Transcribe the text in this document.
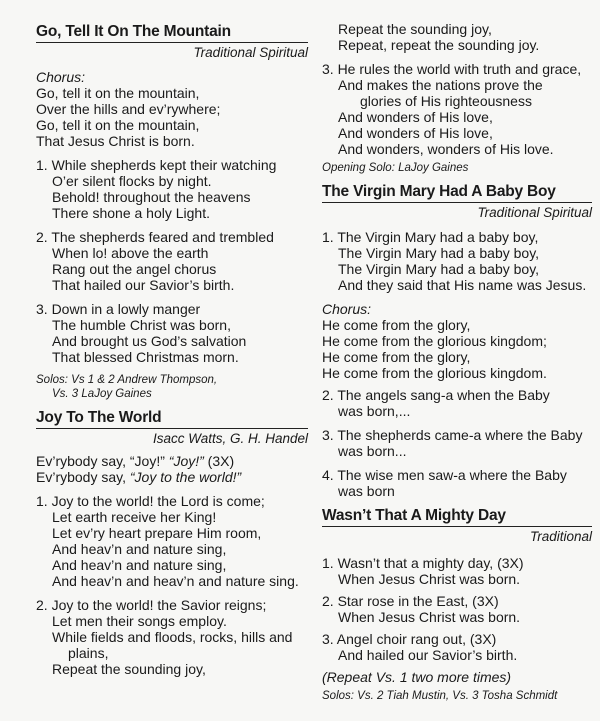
Go, Tell It On The Mountain
Traditional Spiritual
Chorus:
Go, tell it on the mountain,
Over the hills and ev’rywhere;
Go, tell it on the mountain,
That Jesus Christ is born.
1. While shepherds kept their watching
O’er silent flocks by night.
Behold! throughout the heavens
There shone a holy Light.
2. The shepherds feared and trembled
When lo! above the earth
Rang out the angel chorus
That hailed our Savior’s birth.
3. Down in a lowly manger
The humble Christ was born,
And brought us God’s salvation
That blessed Christmas morn.
Solos: Vs 1 & 2 Andrew Thompson,
Vs. 3 LaJoy Gaines
Joy To The World
Isacc Watts, G. H. Handel
Ev’rybody say, “Joy!” “Joy!” (3X)
Ev’rybody say, “Joy to the world!”
1. Joy to the world! the Lord is come;
Let earth receive her King!
Let ev’ry heart prepare Him room,
And heav’n and nature sing,
And heav’n and nature sing,
And heav’n and heav’n and nature sing.
2. Joy to the world! the Savior reigns;
Let men their songs employ.
While fields and floods, rocks, hills and
plains,
Repeat the sounding joy,
Repeat the sounding joy,
Repeat, repeat the sounding joy.
3. He rules the world with truth and grace,
And makes the nations prove the
glories of His righteousness
And wonders of His love,
And wonders of His love,
And wonders, wonders of His love.
Opening Solo: LaJoy Gaines
The Virgin Mary Had A Baby Boy
Traditional Spiritual
1. The Virgin Mary had a baby boy,
The Virgin Mary had a baby boy,
The Virgin Mary had a baby boy,
And they said that His name was Jesus.
Chorus:
He come from the glory,
He come from the glorious kingdom;
He come from the glory,
He come from the glorious kingdom.
2. The angels sang-a when the Baby
was born,...
3. The shepherds came-a where the Baby
was born...
4. The wise men saw-a where the Baby
was born
Wasn’t That A Mighty Day
Traditional
1. Wasn’t that a mighty day, (3X)
When Jesus Christ was born.
2. Star rose in the East, (3X)
When Jesus Christ was born.
3. Angel choir rang out, (3X)
And hailed our Savior’s birth.
(Repeat Vs. 1 two more times)
Solos: Vs. 2 Tiah Mustin, Vs. 3 Tosha Schmidt
